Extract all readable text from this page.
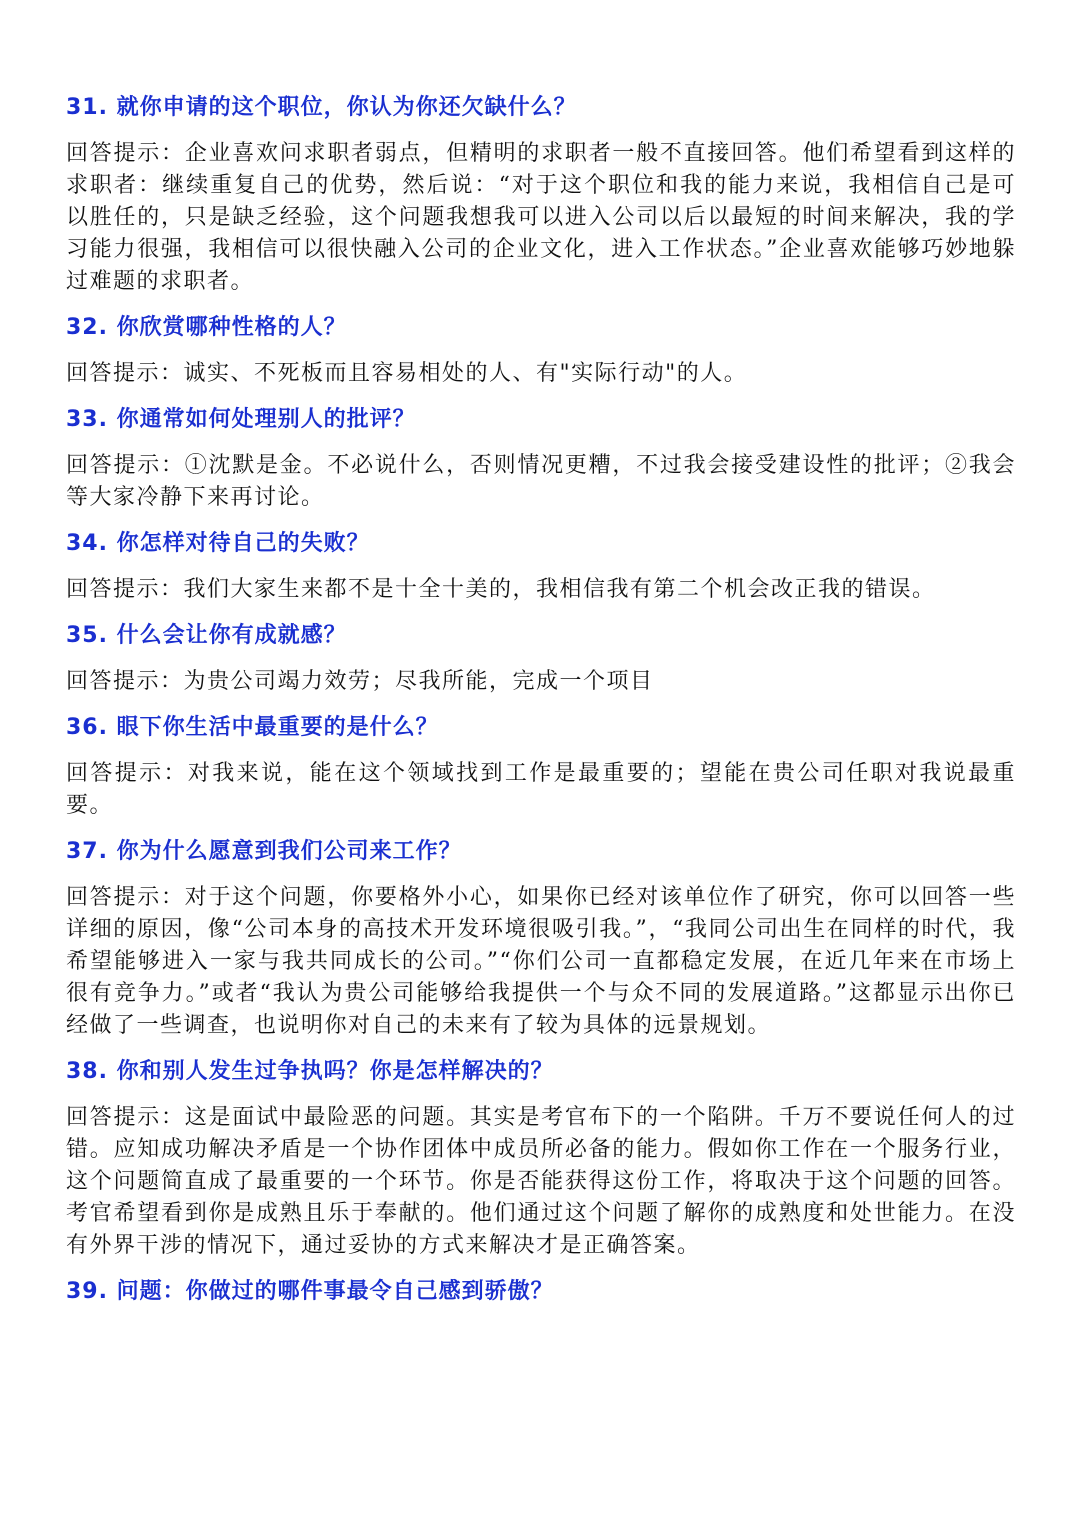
31. 就你申请的这个职位，你认为你还欠缺什么？

回答提示：企业喜欢问求职者弱点，但精明的求职者一般不直接回答。他们希望看到这样的求职者：继续重复自己的优势，然后说：“对于这个职位和我的能力来说，我相信自己是可以胜任的，只是缺乏经验，这个问题我想我可以进入公司以后以最短的时间来解决，我的学习能力很强，我相信可以很快融入公司的企业文化，进入工作状态。”企业喜欢能够巧妙地躲过难题的求职者。

32. 你欣赏哪种性格的人？

回答提示：诚实、不死板而且容易相处的人、有"实际行动"的人。

33. 你通常如何处理别人的批评？

回答提示：①沈默是金。不必说什么，否则情况更糟，不过我会接受建设性的批评；②我会等大家冷静下来再讨论。

34. 你怎样对待自己的失败？

回答提示：我们大家生来都不是十全十美的，我相信我有第二个机会改正我的错误。

35. 什么会让你有成就感？

回答提示：为贵公司竭力效劳；尽我所能，完成一个项目

36. 眼下你生活中最重要的是什么？

回答提示：对我来说，能在这个领域找到工作是最重要的；望能在贵公司任职对我说最重要。

37. 你为什么愿意到我们公司来工作？

回答提示：对于这个问题，你要格外小心，如果你已经对该单位作了研究，你可以回答一些详细的原因，像“公司本身的高技术开发环境很吸引我。”，“我同公司出生在同样的时代，我希望能够进入一家与我共同成长的公司。”“你们公司一直都稳定发展，在近几年来在市场上很有竞争力。”或者“我认为贵公司能够给我提供一个与众不同的发展道路。”这都显示出你已经做了一些调查，也说明你对自己的未来有了较为具体的远景规划。

38. 你和别人发生过争执吗？你是怎样解决的？

回答提示：这是面试中最险恶的问题。其实是考官布下的一个陷阱。千万不要说任何人的过错。应知成功解决矛盾是一个协作团体中成员所必备的能力。假如你工作在一个服务行业，这个问题简直成了最重要的一个环节。你是否能获得这份工作，将取决于这个问题的回答。考官希望看到你是成熟且乐于奉献的。他们通过这个问题了解你的成熟度和处世能力。在没有外界干涉的情况下，通过妥协的方式来解决才是正确答案。

39. 问题：你做过的哪件事最令自己感到骄傲？
